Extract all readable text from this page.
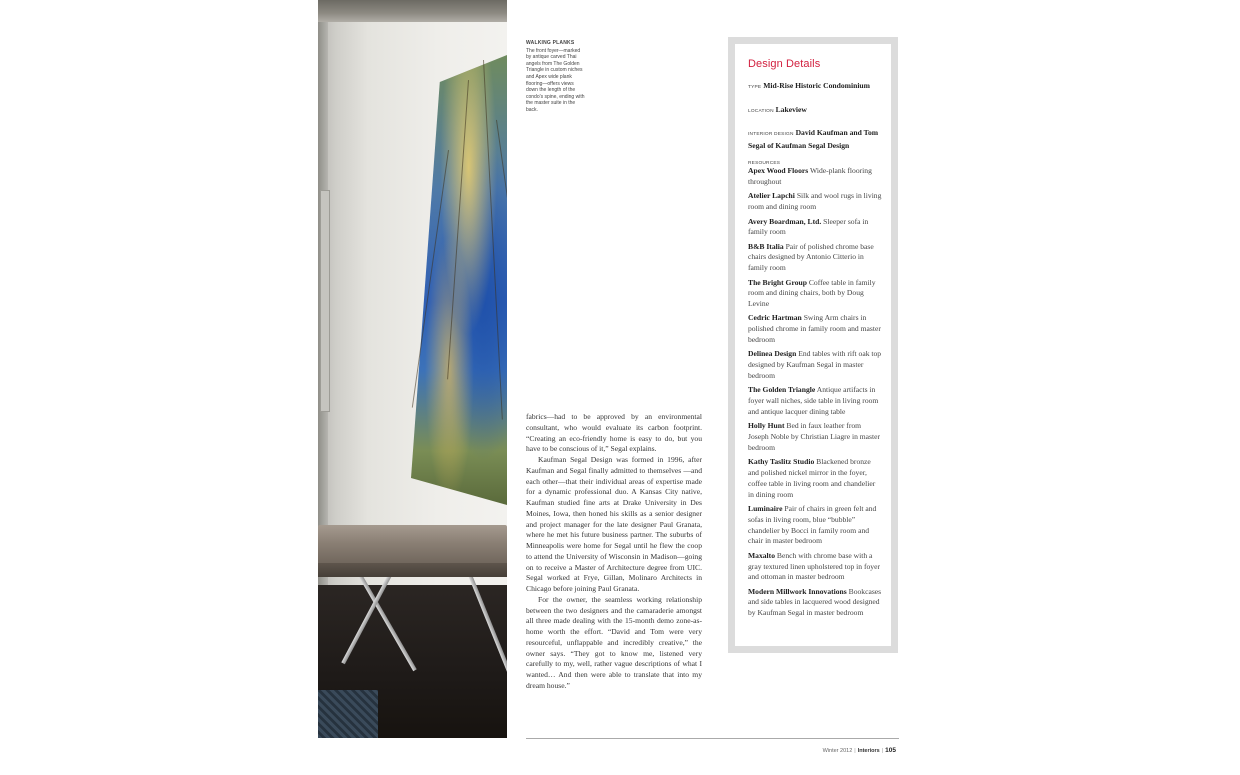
WALKING PLANKS
The front foyer—marked by antique carved Thai angels from The Golden Triangle in custom niches and Apex wide plank flooring—offers views down the length of the condo's spine, ending with the master suite in the back.

fabrics—had to be approved by an environmental consultant, who would evaluate its carbon footprint. “Creating an eco-friendly home is easy to do, but you have to be conscious of it,” Segal explains.

Kaufman Segal Design was formed in 1996, after Kaufman and Segal finally admitted to themselves —and each other—that their individual areas of expertise made for a dynamic professional duo. A Kansas City native, Kaufman studied fine arts at Drake University in Des Moines, Iowa, then honed his skills as a senior designer and project manager for the late designer Paul Granata, where he met his future business partner. The suburbs of Minneapolis were home for Segal until he flew the coop to attend the University of Wisconsin in Madison—going on to receive a Master of Architecture degree from UIC. Segal worked at Frye, Gillan, Molinaro Architects in Chicago before joining Paul Granata.

For the owner, the seamless working relationship between the two designers and the camaraderie amongst all three made dealing with the 15-month demo zone-as-home worth the effort. “David and Tom were very resourceful, unflappable and incredibly creative,” the owner says. “They got to know me, listened very carefully to my, well, rather vague descriptions of what I wanted… And then were able to translate that into my dream house.”

Design Details
TYPE Mid-Rise Historic Condominium
LOCATION Lakeview
INTERIOR DESIGN David Kaufman and Tom Segal of Kaufman Segal Design
RESOURCES
Apex Wood Floors Wide-plank flooring throughout
Atelier Lapchi Silk and wool rugs in living room and dining room
Avery Boardman, Ltd. Sleeper sofa in family room
B&B Italia Pair of polished chrome base chairs designed by Antonio Citterio in family room
The Bright Group Coffee table in family room and dining chairs, both by Doug Levine
Cedric Hartman Swing Arm chairs in polished chrome in family room and master bedroom
Delinea Design End tables with rift oak top designed by Kaufman Segal in master bedroom
The Golden Triangle Antique artifacts in foyer wall niches, side table in living room and antique lacquer dining table
Holly Hunt Bed in faux leather from Joseph Noble by Christian Liagre in master bedroom
Kathy Taslitz Studio Blackened bronze and polished nickel mirror in the foyer, coffee table in living room and chandelier in dining room
Luminaire Pair of chairs in green felt and sofas in living room, blue “bubble” chandelier by Bocci in family room and chair in master bedroom
Maxalto Bench with chrome base with a gray textured linen upholstered top in foyer and ottoman in master bedroom
Modern Millwork Innovations Bookcases and side tables in lacquered wood designed by Kaufman Segal in master bedroom
Winter 2012 | Interiors | 105
